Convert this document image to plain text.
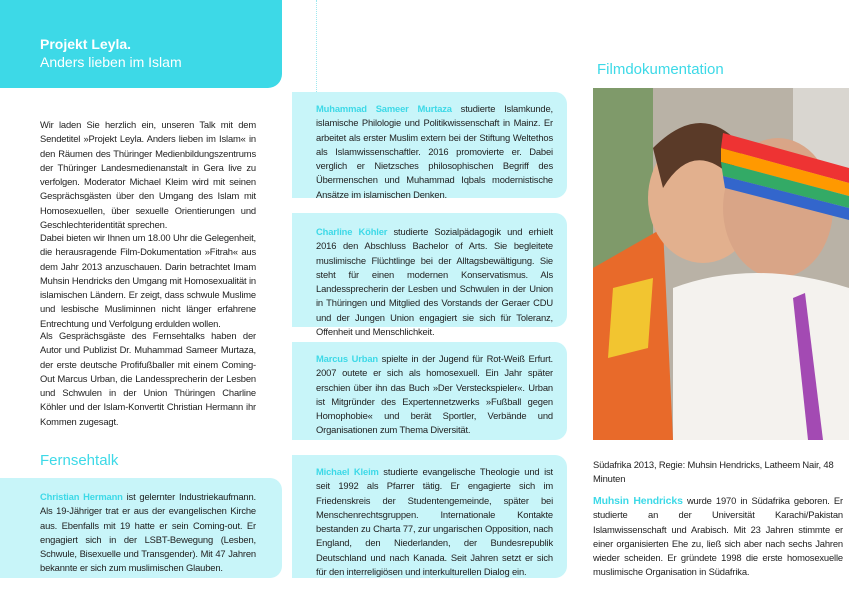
Projekt Leyla.
Anders lieben im Islam
Wir laden Sie herzlich ein, unseren Talk mit dem Sendetitel »Projekt Leyla. Anders lieben im Islam« in den Räumen des Thüringer Medienbildungszentrums der Thüringer Landesmedienanstalt in Gera live zu verfolgen. Moderator Michael Kleim wird mit seinen Gesprächsgästen über den Umgang des Islam mit Homosexuellen, über sexuelle Orientierungen und Geschlechteridentität sprechen.
Dabei bieten wir Ihnen um 18.00 Uhr die Gelegenheit, die herausragende Film-Dokumentation »Fitrah« aus dem Jahr 2013 anzuschauen. Darin betrachtet Imam Muhsin Hendricks den Umgang mit Homosexualität in islamischen Ländern. Er zeigt, dass schwule Muslime und lesbische Musliminnen nicht länger erfahrene Entrechtung und Verfolgung erdulden wollen.
Als Gesprächsgäste des Fernsehtalks haben der Autor und Publizist Dr. Muhammad Sameer Murtaza, der erste deutsche Profifußballer mit einem Coming-Out Marcus Urban, die Landessprecherin der Lesben und Schwulen in der Union Thüringen Charline Köhler und der Islam-Konvertit Christian Hermann ihr Kommen zugesagt.
Fernsehtalk
Christian Hermann ist gelernter Industriekaufmann. Als 19-Jähriger trat er aus der evangelischen Kirche aus. Ebenfalls mit 19 hatte er sein Coming-out. Er engagiert sich in der LSBT-Bewegung (Lesben, Schwule, Bisexuelle und Transgender). Mit 47 Jahren bekannte er sich zum muslimischen Glauben.
Muhammad Sameer Murtaza studierte Islamkunde, islamische Philologie und Politikwissenschaft in Mainz. Er arbeitet als erster Muslim extern bei der Stiftung Weltethos als Islamwissenschaftler. 2016 promovierte er. Dabei verglich er Nietzsches philosophischen Begriff des Übermenschen und Muhammad Iqbals modernistische Ansätze im islamischen Denken.
Charline Köhler studierte Sozialpädagogik und erhielt 2016 den Abschluss Bachelor of Arts. Sie begleitete muslimische Flüchtlinge bei der Alltagsbewältigung. Sie steht für einen modernen Konservatismus. Als Landessprecherin der Lesben und Schwulen in der Union in Thüringen und Mitglied des Vorstands der Geraer CDU und der Jungen Union engagiert sie sich für Toleranz, Offenheit und Menschlichkeit.
Marcus Urban spielte in der Jugend für Rot-Weiß Erfurt. 2007 outete er sich als homosexuell. Ein Jahr später erschien über ihn das Buch »Der Versteckspieler«. Urban ist Mitgründer des Expertennetzwerks »Fußball gegen Homophobie« und berät Sportler, Verbände und Organisationen zum Thema Diversität.
Michael Kleim studierte evangelische Theologie und ist seit 1992 als Pfarrer tätig. Er engagierte sich im Friedenskreis der Studentengemeinde, später bei Menschenrechtsgruppen. Internationale Kontakte bestanden zu Charta 77, zur ungarischen Opposition, nach England, den Niederlanden, der Bundesrepublik Deutschland und nach Kanada. Seit Jahren setzt er sich für den interreligiösen und interkulturellen Dialog ein.
Filmdokumentation
Südafrika 2013, Regie: Muhsin Hendricks, Latheem Nair, 48 Minuten
Muhsin Hendricks wurde 1970 in Südafrika geboren. Er studierte an der Universität Karachi/Pakistan Islamwissenschaft und Arabisch. Mit 23 Jahren stimmte er einer organisierten Ehe zu, ließ sich aber nach sechs Jahren wieder scheiden. Er gründete 1998 die erste homosexuelle muslimische Organisation in Südafrika.
